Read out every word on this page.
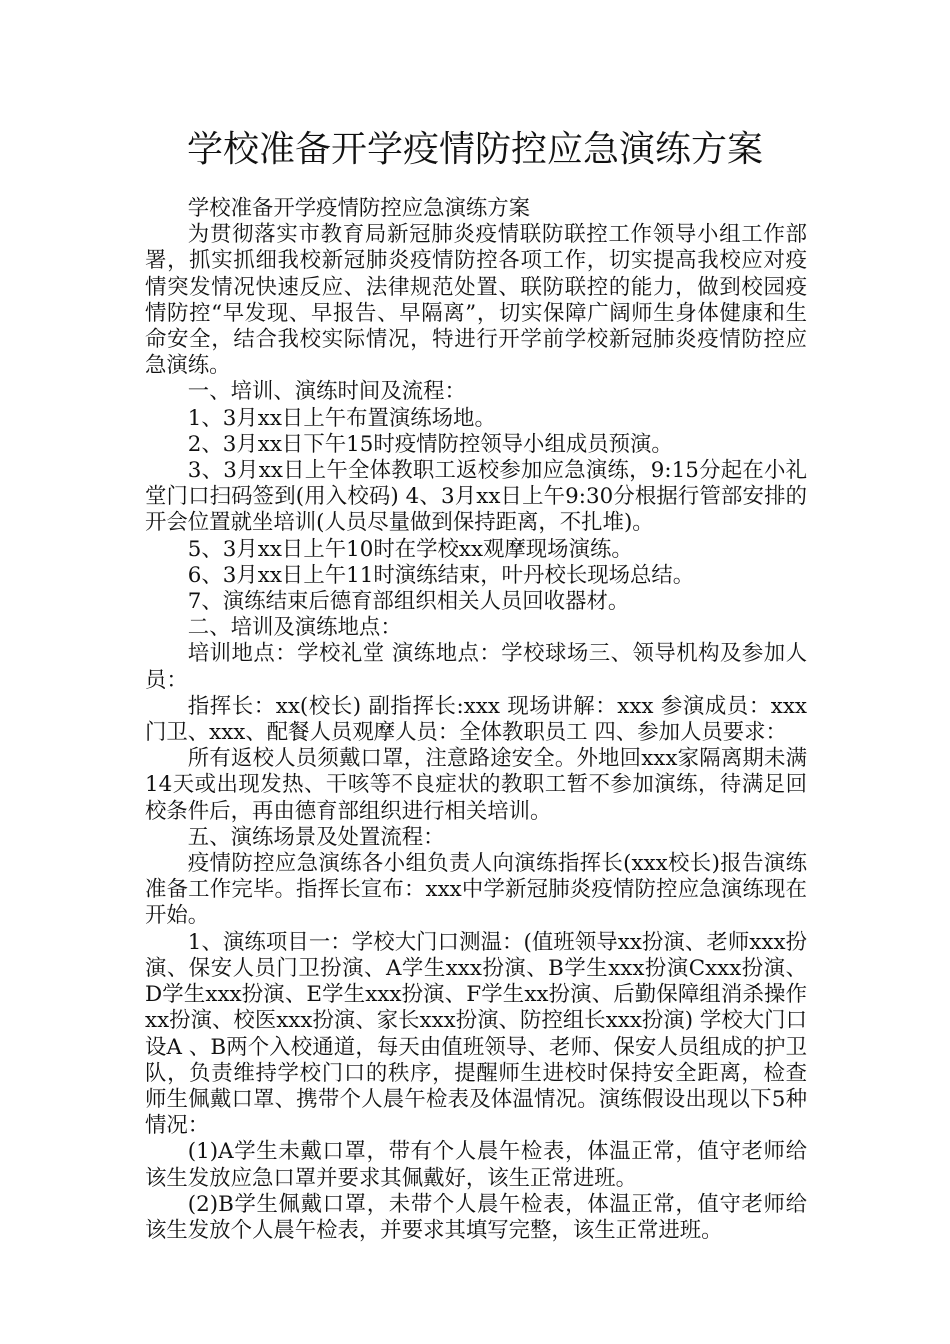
学校准备开学疫情防控应急演练方案

学校准备开学疫情防控应急演练方案

为贯彻落实市教育局新冠肺炎疫情联防联控工作领导小组工作部署，抓实抓细我校新冠肺炎疫情防控各项工作，切实提高我校应对疫情突发情况快速反应、法律规范处置、联防联控的能力，做到校园疫情防控“早发现、早报告、早隔离”，切实保障广阔师生身体健康和生命安全，结合我校实际情况，特进行开学前学校新冠肺炎疫情防控应急演练。

一、培训、演练时间及流程：

1、3月xx日上午布置演练场地。

2、3月xx日下午15时疫情防控领导小组成员预演。

3、3月xx日上午全体教职工返校参加应急演练，9:15分起在小礼堂门口扫码签到(用入校码) 4、3月xx日上午9:30分根据行管部安排的开会位置就坐培训(人员尽量做到保持距离，不扎堆)。

5、3月xx日上午10时在学校xx观摩现场演练。

6、3月xx日上午11时演练结束，叶丹校长现场总结。

7、演练结束后德育部组织相关人员回收器材。

二、培训及演练地点：

培训地点：学校礼堂 演练地点：学校球场三、领导机构及参加人员：

指挥长：xx(校长) 副指挥长:xxx 现场讲解：xxx 参演成员：xxx门卫、xxx、配餐人员观摩人员：全体教职员工 四、参加人员要求：

所有返校人员须戴口罩，注意路途安全。外地回xxx家隔离期未满14天或出现发热、干咳等不良症状的教职工暂不参加演练，待满足回校条件后，再由德育部组织进行相关培训。

五、演练场景及处置流程：

疫情防控应急演练各小组负责人向演练指挥长(xxx校长)报告演练准备工作完毕。指挥长宣布：xxx中学新冠肺炎疫情防控应急演练现在开始。

1、演练项目一：学校大门口测温：(值班领导xx扮演、老师xxx扮演、保安人员门卫扮演、A学生xxx扮演、B学生xxx扮演Cxxx扮演、D学生xxx扮演、E学生xxx扮演、F学生xx扮演、后勤保障组消杀操作xx扮演、校医xxx扮演、家长xxx扮演、防控组长xxx扮演) 学校大门口设A 、B两个入校通道，每天由值班领导、老师、保安人员组成的护卫队，负责维持学校门口的秩序，提醒师生进校时保持安全距离，检查师生佩戴口罩、携带个人晨午检表及体温情况。演练假设出现以下5种情况：

(1)A学生未戴口罩，带有个人晨午检表，体温正常，值守老师给该生发放应急口罩并要求其佩戴好，该生正常进班。

(2)B学生佩戴口罩，未带个人晨午检表，体温正常，值守老师给该生发放个人晨午检表，并要求其填写完整，该生正常进班。
